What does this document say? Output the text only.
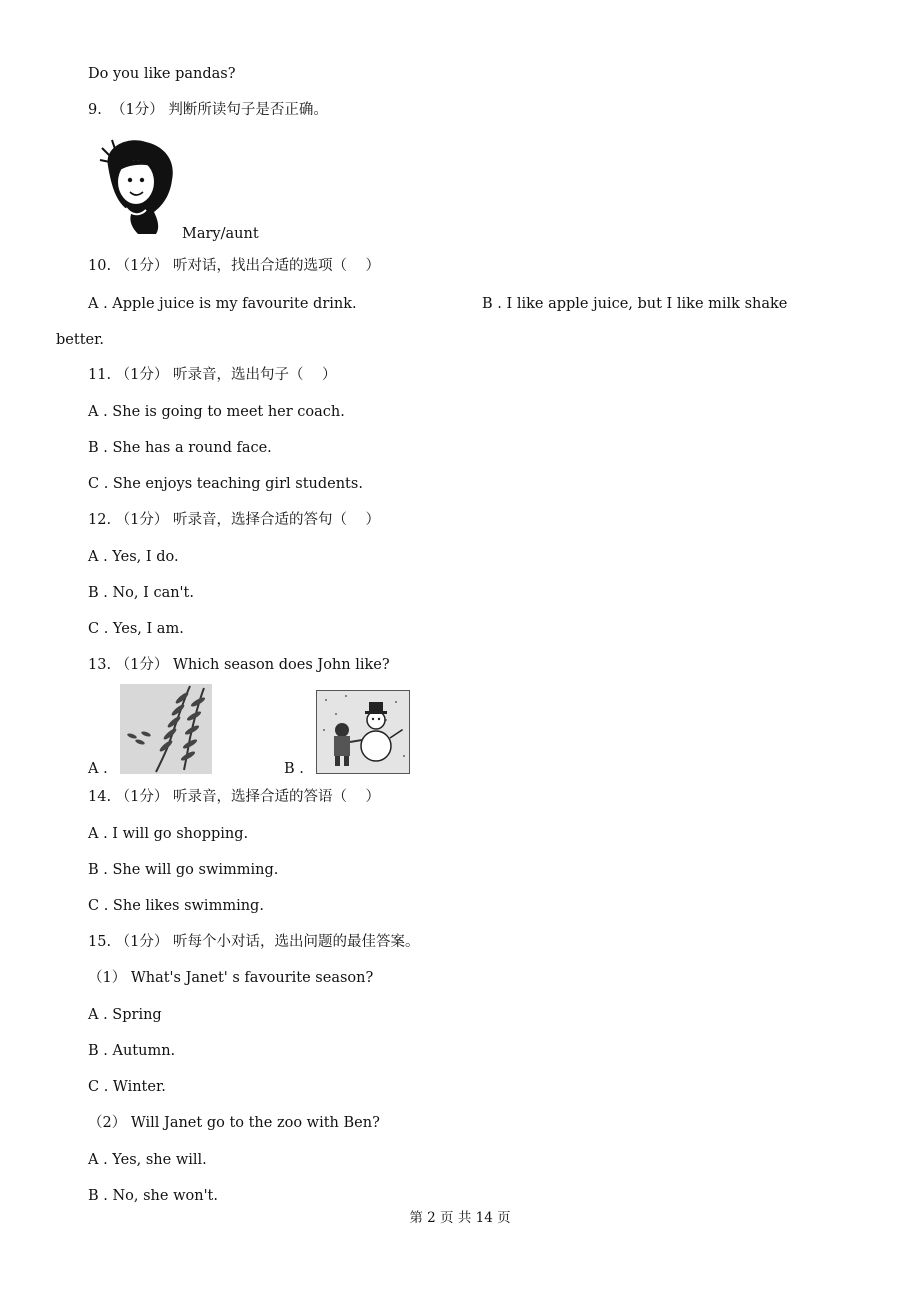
Do you like pandas?
9.  （1分） 判断所读句子是否正确。
Mary/aunt
10. （1分） 听对话，找出合适的选项（    ）
A . Apple juice is my favourite drink.	B . I like apple juice, but I like milk shake
better.
11. （1分） 听录音，选出句子（    ）
A . She is going to meet her coach.
B . She has a round face.
C . She enjoys teaching girl students.
12. （1分） 听录音，选择合适的答句（    ）
A . Yes, I do.
B . No, I can't.
C . Yes, I am.
13. （1分） Which season does John like?
A .	B .
14. （1分） 听录音，选择合适的答语（    ）
A . I will go shopping.
B . She will go swimming.
C . She likes swimming.
15. （1分） 听每个小对话，选出问题的最佳答案。
（1） What's Janet' s favourite season?
A . Spring
B . Autumn.
C . Winter.
（2） Will Janet go to the zoo with Ben?
A . Yes, she will.
B . No, she won't.
第 2 页 共 14 页
